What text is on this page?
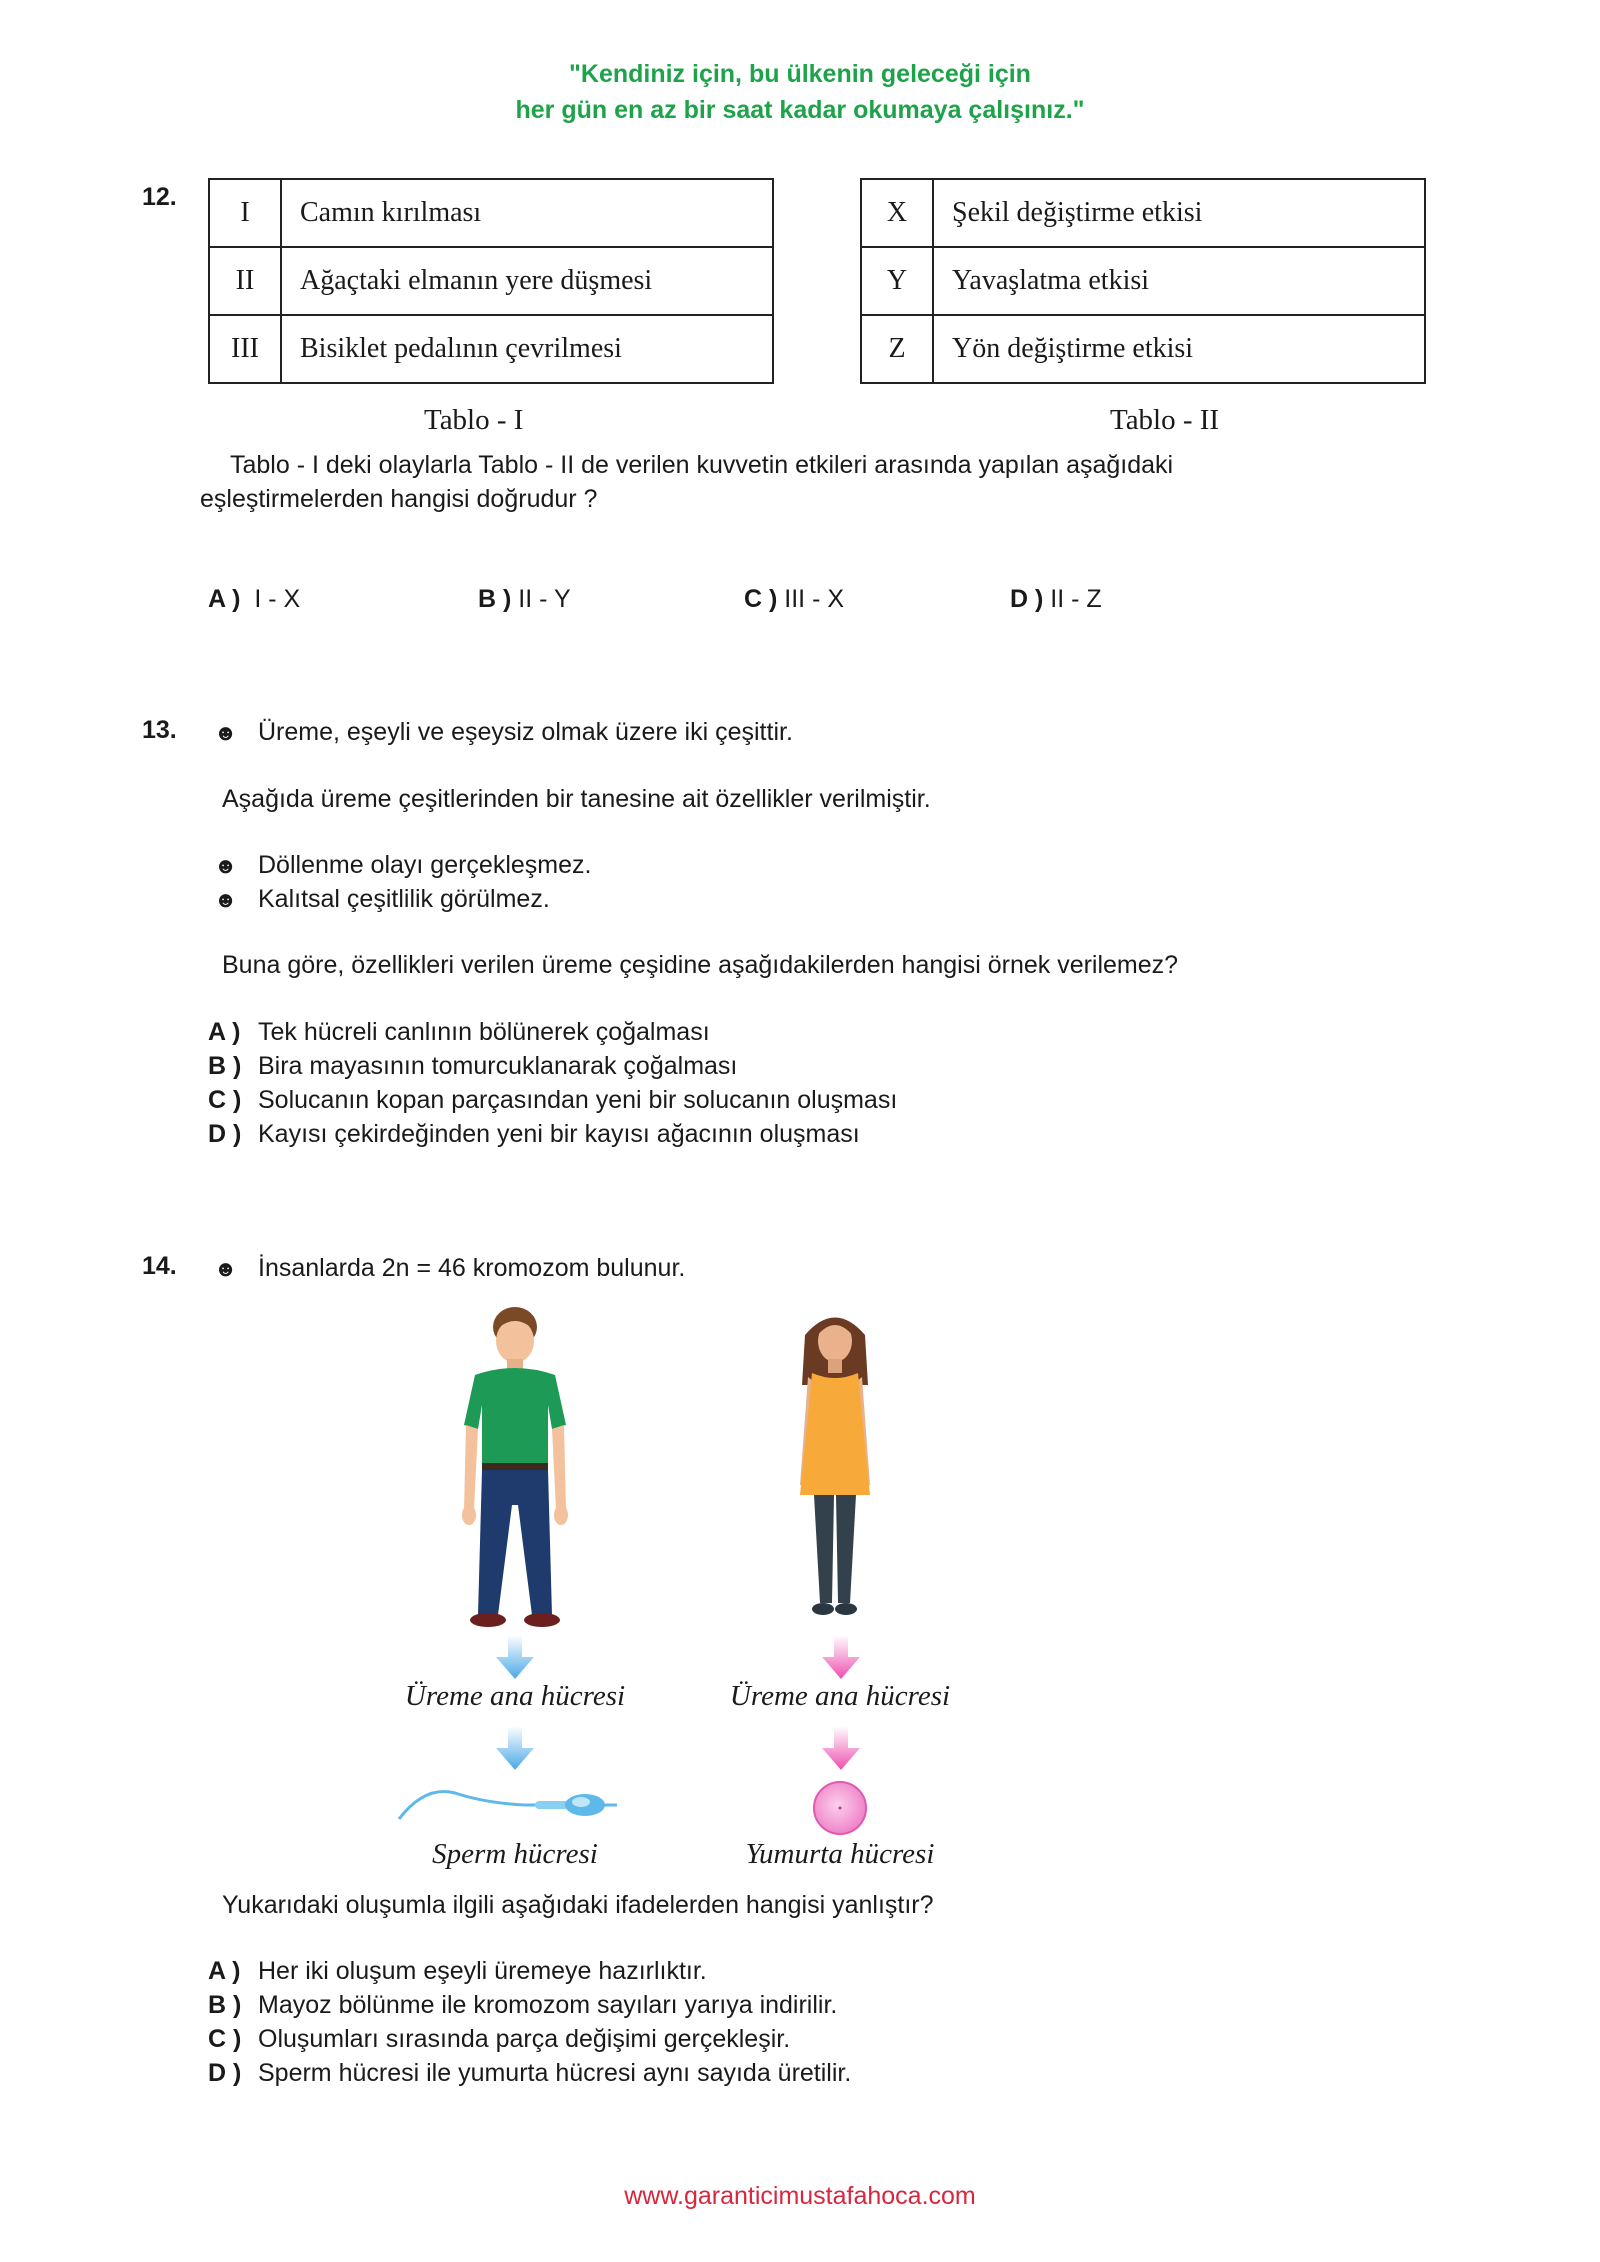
"Kendiniz için, bu ülkenin geleceği için
her gün en az bir saat kadar okumaya çalışınız."
12. I	Camın kırılması
II	Ağaçtaki elmanın yere düşmesi
III	Bisiklet pedalının çevrilmesi
X	Şekil değiştirme etkisi
Y	Yavaşlatma etkisi
Z	Yön değiştirme etkisi
Tablo - I	Tablo - II
Tablo - I deki olaylarla Tablo - II de verilen kuvvetin etkileri arasında yapılan aşağıdaki
eşleştirmelerden hangisi doğrudur ?
A ) I - X	B ) II - Y	C ) III - X	D ) II - Z
13. ☻ Üreme, eşeyli ve eşeysiz olmak üzere iki çeşittir.
Aşağıda üreme çeşitlerinden bir tanesine ait özellikler verilmiştir.
☻ Döllenme olayı gerçekleşmez.
☻ Kalıtsal çeşitlilik görülmez.
Buna göre, özellikleri verilen üreme çeşidine aşağıdakilerden hangisi örnek verilemez?
A ) Tek hücreli canlının bölünerek çoğalması
B ) Bira mayasının tomurcuklanarak çoğalması
C ) Solucanın kopan parçasından yeni bir solucanın oluşması
D ) Kayısı çekirdeğinden yeni bir kayısı ağacının oluşması
14. ☻ İnsanlarda 2n = 46 kromozom bulunur.
Üreme ana hücresi	Üreme ana hücresi
Sperm hücresi	Yumurta hücresi
Yukarıdaki oluşumla ilgili aşağıdaki ifadelerden hangisi yanlıştır?
A ) Her iki oluşum eşeyli üremeye hazırlıktır.
B ) Mayoz bölünme ile kromozom sayıları yarıya indirilir.
C ) Oluşumları sırasında parça değişimi gerçekleşir.
D ) Sperm hücresi ile yumurta hücresi aynı sayıda üretilir.
www.garanticimustafahoca.com
